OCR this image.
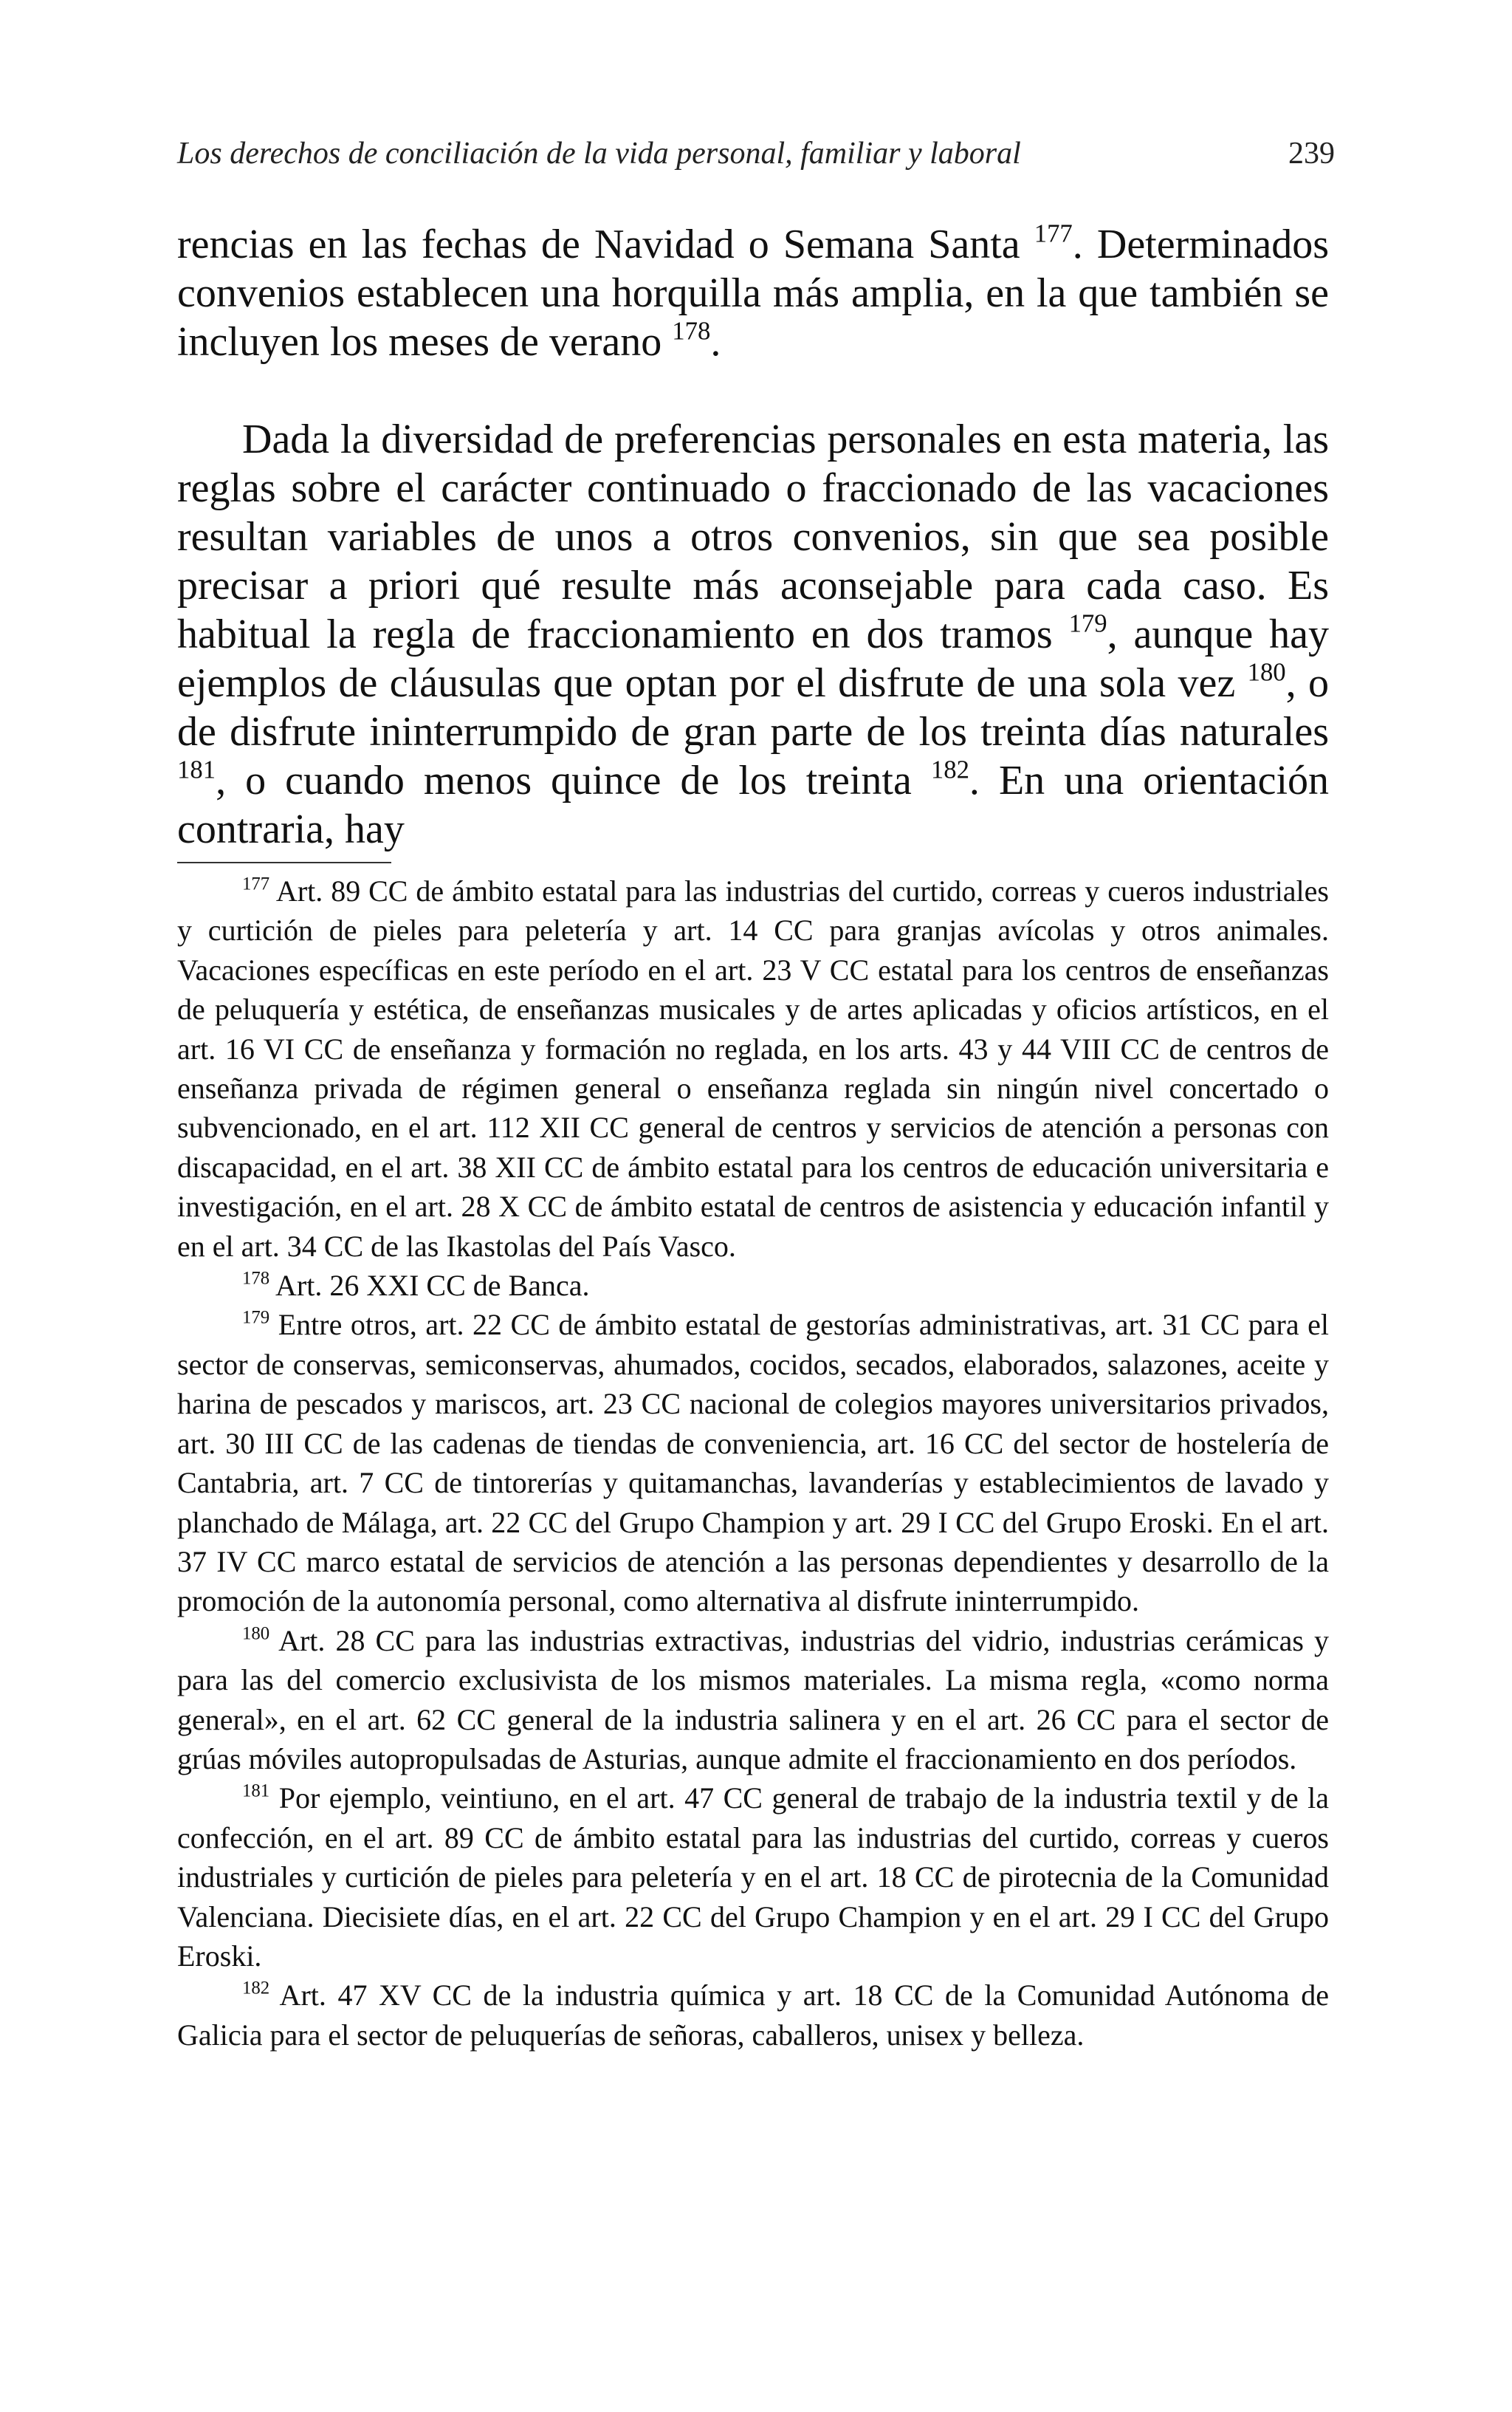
Los derechos de conciliación de la vida personal, familiar y laboral	239

rencias en las fechas de Navidad o Semana Santa $^{177}$. Determinados convenios establecen una horquilla más amplia, en la que también se incluyen los meses de verano $^{178}$.

Dada la diversidad de preferencias personales en esta materia, las reglas sobre el carácter continuado o fraccionado de las vacaciones resultan variables de unos a otros convenios, sin que sea posible precisar a priori qué resulte más aconsejable para cada caso. Es habitual la regla de fraccionamiento en dos tramos $^{179}$, aunque hay ejemplos de cláusulas que optan por el disfrute de una sola vez $^{180}$, o de disfrute ininterrumpido de gran parte de los treinta días naturales $^{181}$, o cuando menos quince de los treinta $^{182}$. En una orientación contraria, hay

$^{177}$ Art. 89 CC de ámbito estatal para las industrias del curtido, correas y cueros industriales y curtición de pieles para peletería y art. 14 CC para granjas avícolas y otros animales. Vacaciones específicas en este período en el art. 23 V CC estatal para los centros de enseñanzas de peluquería y estética, de enseñanzas musicales y de artes aplicadas y oficios artísticos, en el art. 16 VI CC de enseñanza y formación no reglada, en los arts. 43 y 44 VIII CC de centros de enseñanza privada de régimen general o enseñanza reglada sin ningún nivel concertado o subvencionado, en el art. 112 XII CC general de centros y servicios de atención a personas con discapacidad, en el art. 38 XII CC de ámbito estatal para los centros de educación universitaria e investigación, en el art. 28 X CC de ámbito estatal de centros de asistencia y educación infantil y en el art. 34 CC de las Ikastolas del País Vasco.

$^{178}$ Art. 26 XXI CC de Banca.

$^{179}$ Entre otros, art. 22 CC de ámbito estatal de gestorías administrativas, art. 31 CC para el sector de conservas, semiconservas, ahumados, cocidos, secados, elaborados, salazones, aceite y harina de pescados y mariscos, art. 23 CC nacional de colegios mayores universitarios privados, art. 30 III CC de las cadenas de tiendas de conveniencia, art. 16 CC del sector de hostelería de Cantabria, art. 7 CC de tintorerías y quitamanchas, lavanderías y establecimientos de lavado y planchado de Málaga, art. 22 CC del Grupo Champion y art. 29 I CC del Grupo Eroski. En el art. 37 IV CC marco estatal de servicios de atención a las personas dependientes y desarrollo de la promoción de la autonomía personal, como alternativa al disfrute ininterrumpido.

$^{180}$ Art. 28 CC para las industrias extractivas, industrias del vidrio, industrias cerámicas y para las del comercio exclusivista de los mismos materiales. La misma regla, «como norma general», en el art. 62 CC general de la industria salinera y en el art. 26 CC para el sector de grúas móviles autopropulsadas de Asturias, aunque admite el fraccionamiento en dos períodos.

$^{181}$ Por ejemplo, veintiuno, en el art. 47 CC general de trabajo de la industria textil y de la confección, en el art. 89 CC de ámbito estatal para las industrias del curtido, correas y cueros industriales y curtición de pieles para peletería y en el art. 18 CC de pirotecnia de la Comunidad Valenciana. Diecisiete días, en el art. 22 CC del Grupo Champion y en el art. 29 I CC del Grupo Eroski.

$^{182}$ Art. 47 XV CC de la industria química y art. 18 CC de la Comunidad Autónoma de Galicia para el sector de peluquerías de señoras, caballeros, unisex y belleza.
